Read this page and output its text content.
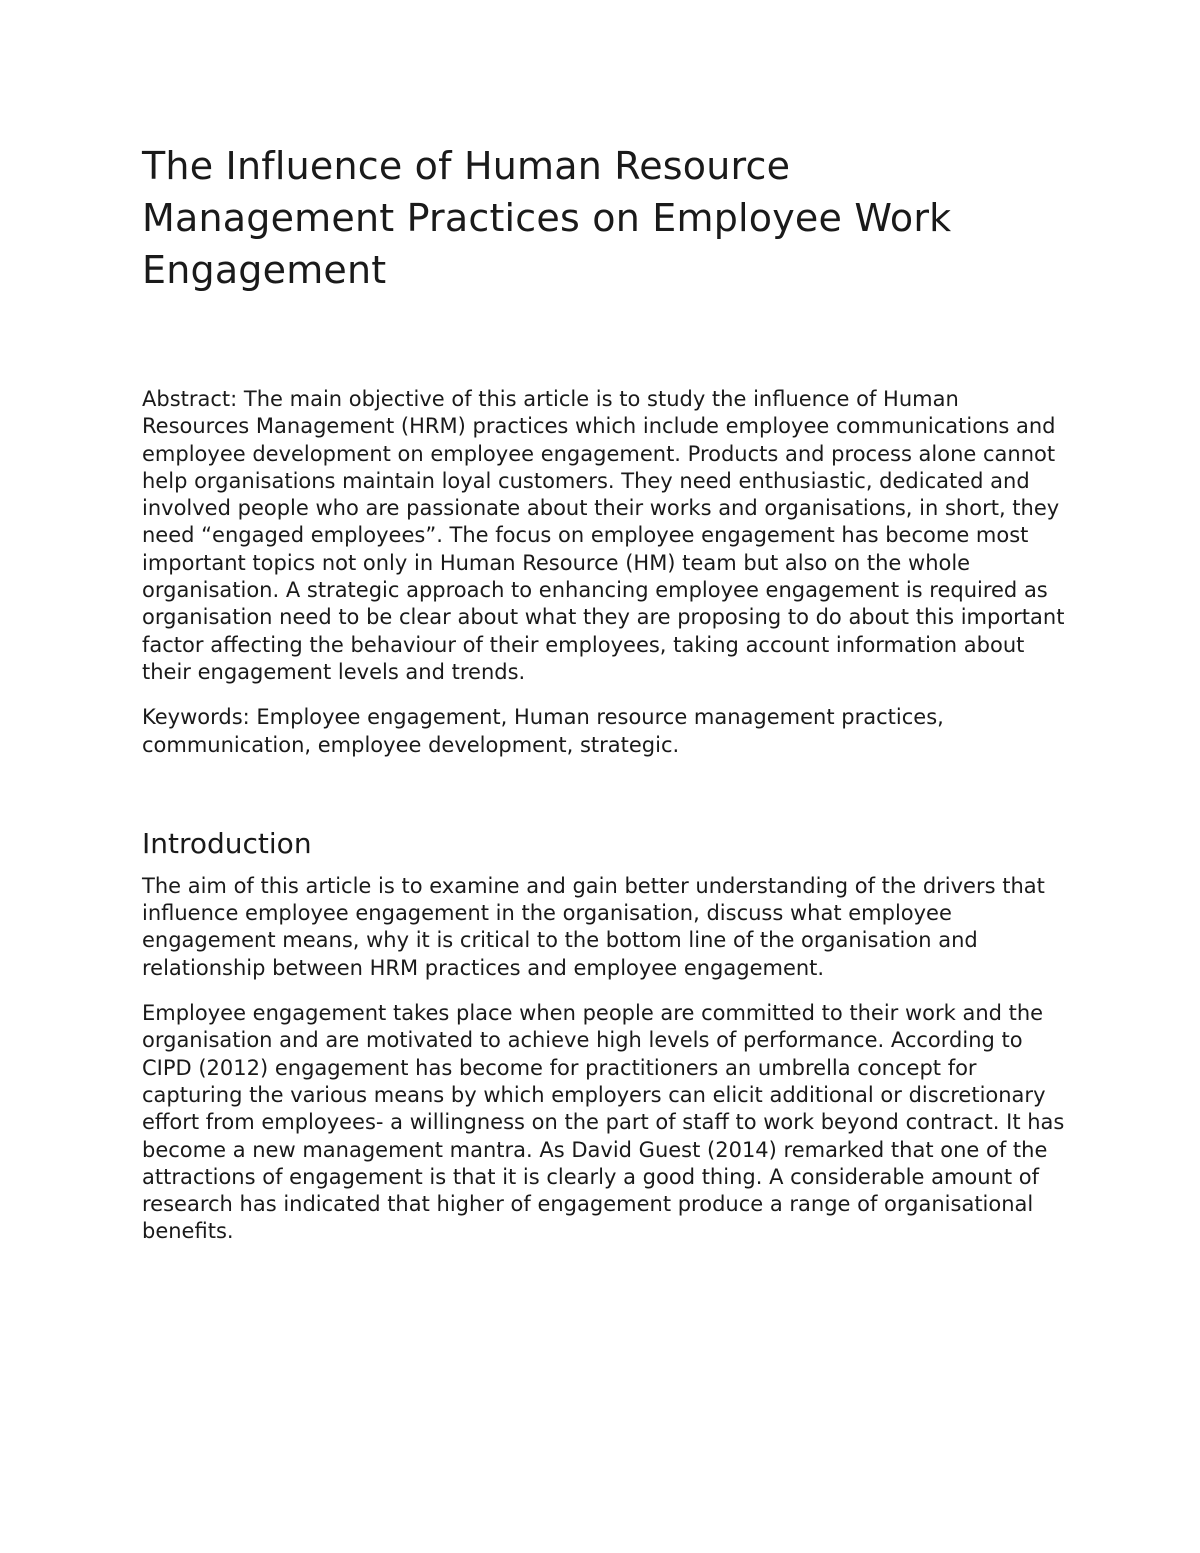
The Influence of Human Resource
Management Practices on Employee Work
Engagement

Abstract: The main objective of this article is to study the influence of Human Resources Management (HRM) practices which include employee communications and employee development on employee engagement. Products and process alone cannot help organisations maintain loyal customers. They need enthusiastic, dedicated and involved people who are passionate about their works and organisations, in short, they need “engaged employees”. The focus on employee engagement has become most important topics not only in Human Resource (HM) team but also on the whole organisation. A strategic approach to enhancing employee engagement is required as organisation need to be clear about what they are proposing to do about this important factor affecting the behaviour of their employees, taking account information about their engagement levels and trends.

Keywords: Employee engagement, Human resource management practices, communication, employee development, strategic.

Introduction

The aim of this article is to examine and gain better understanding of the drivers that influence employee engagement in the organisation, discuss what employee engagement means, why it is critical to the bottom line of the organisation and relationship between HRM practices and employee engagement.

Employee engagement takes place when people are committed to their work and the organisation and are motivated to achieve high levels of performance. According to CIPD (2012) engagement has become for practitioners an umbrella concept for capturing the various means by which employers can elicit additional or discretionary effort from employees- a willingness on the part of staff to work beyond contract. It has become a new management mantra. As David Guest (2014) remarked that one of the attractions of engagement is that it is clearly a good thing. A considerable amount of research has indicated that higher of engagement produce a range of organisational benefits.
